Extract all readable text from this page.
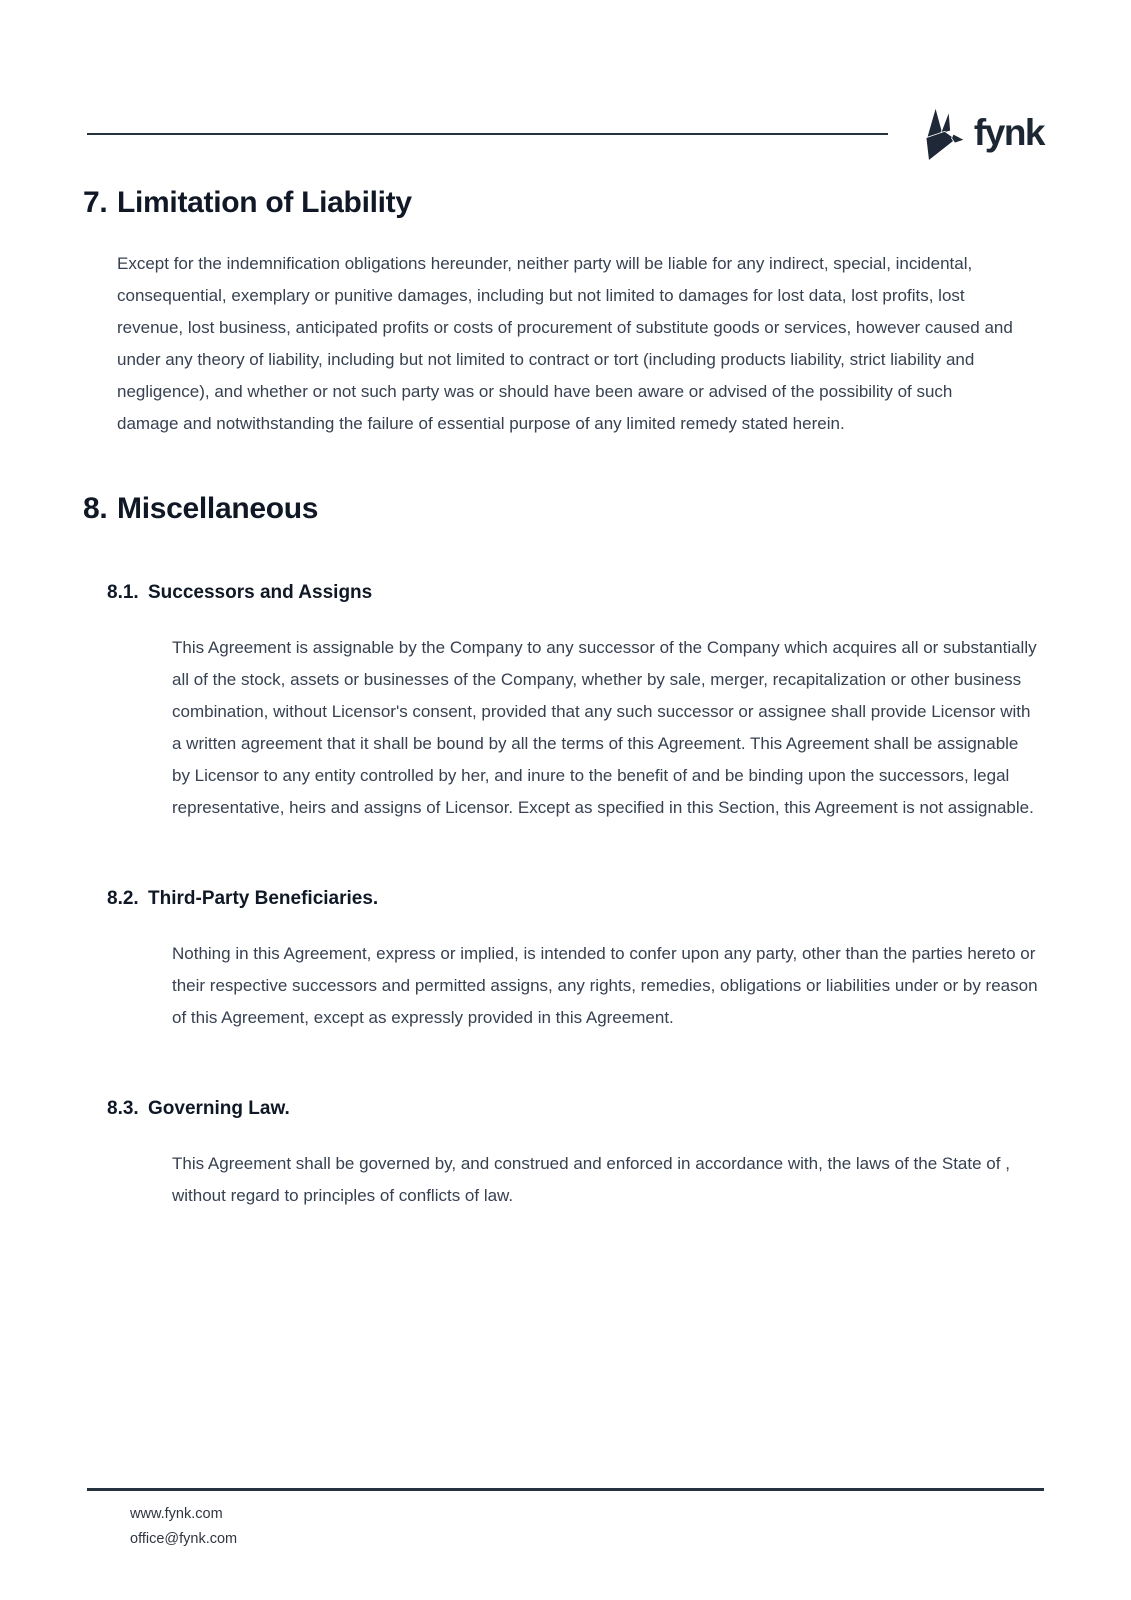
fynk
7. Limitation of Liability

Except for the indemnification obligations hereunder, neither party will be liable for any indirect, special, incidental, consequential, exemplary or punitive damages, including but not limited to damages for lost data, lost profits, lost revenue, lost business, anticipated profits or costs of procurement of substitute goods or services, however caused and under any theory of liability, including but not limited to contract or tort (including products liability, strict liability and negligence), and whether or not such party was or should have been aware or advised of the possibility of such damage and notwithstanding the failure of essential purpose of any limited remedy stated herein.

8. Miscellaneous
8.1. Successors and Assigns

This Agreement is assignable by the Company to any successor of the Company which acquires all or substantially all of the stock, assets or businesses of the Company, whether by sale, merger, recapitalization or other business combination, without Licensor's consent, provided that any such successor or assignee shall provide Licensor with a written agreement that it shall be bound by all the terms of this Agreement. This Agreement shall be assignable by Licensor to any entity controlled by her, and inure to the benefit of and be binding upon the successors, legal representative, heirs and assigns of Licensor. Except as specified in this Section, this Agreement is not assignable.

8.2. Third-Party Beneficiaries.

Nothing in this Agreement, express or implied, is intended to confer upon any party, other than the parties hereto or their respective successors and permitted assigns, any rights, remedies, obligations or liabilities under or by reason of this Agreement, except as expressly provided in this Agreement.

8.3. Governing Law.

This Agreement shall be governed by, and construed and enforced in accordance with, the laws of the State of , without regard to principles of conflicts of law.

www.fynk.com
office@fynk.com
